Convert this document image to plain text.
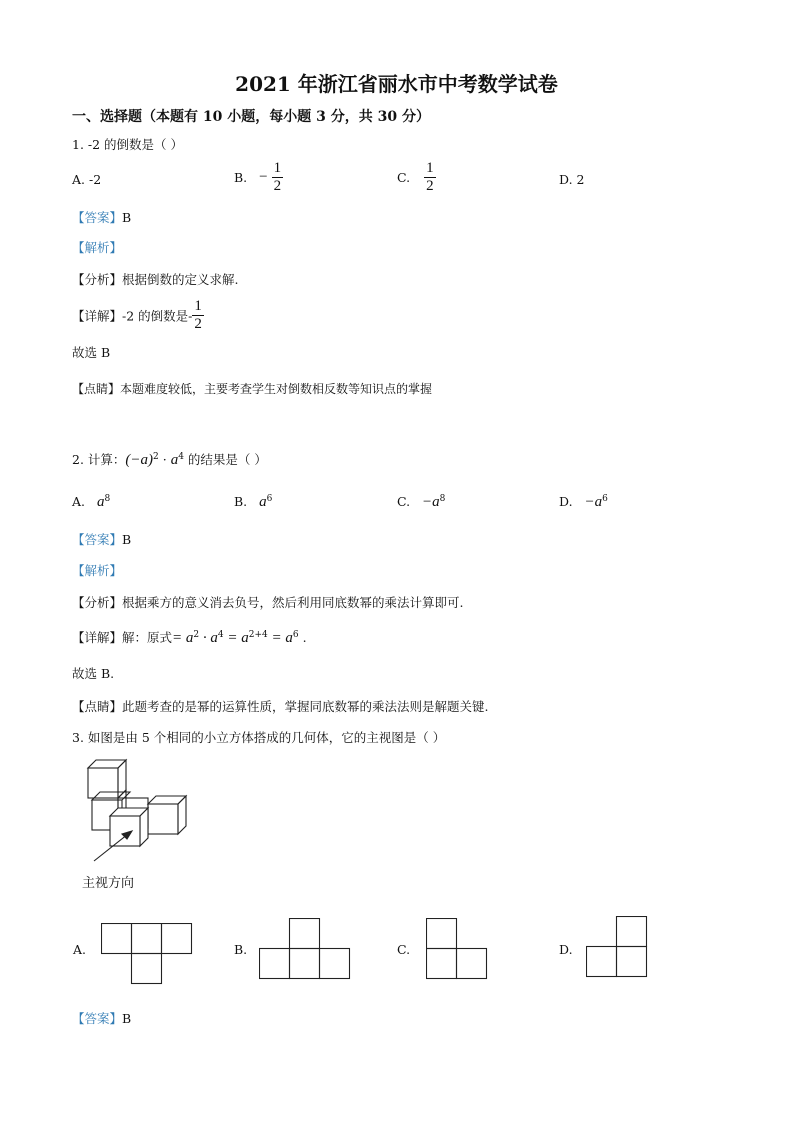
2021 年浙江省丽水市中考数学试卷
一、选择题（本题有 10 小题，每小题 3 分，共 30 分）
1. -2 的倒数是（ ）
A. -2	B. − $\frac{1}{2}$	C. $\frac{1}{2}$	D. 2
【答案】B
【解析】
【分析】根据倒数的定义求解.
【详解】-2 的倒数是- $\frac{1}{2}$
故选 B
【点睛】本题难度较低，主要考查学生对倒数相反数等知识点的掌握
2. 计算：$(-a)^2 \cdot a^4$ 的结果是（ ）
A. $a^8$	B. $a^6$	C. $-a^8$	D. $-a^6$
【答案】B
【解析】
【分析】根据乘方的意义消去负号，然后利用同底数幂的乘法计算即可.
【详解】解：原式= $a^2 \cdot a^4 = a^{2+4} = a^6$ .
故选 B.
【点睛】此题考查的是幂的运算性质，掌握同底数幂的乘法法则是解题关键.
3. 如图是由 5 个相同的小立方体搭成的几何体，它的主视图是（ ）
主视方向
A.	B.	C.	D.
【答案】B
